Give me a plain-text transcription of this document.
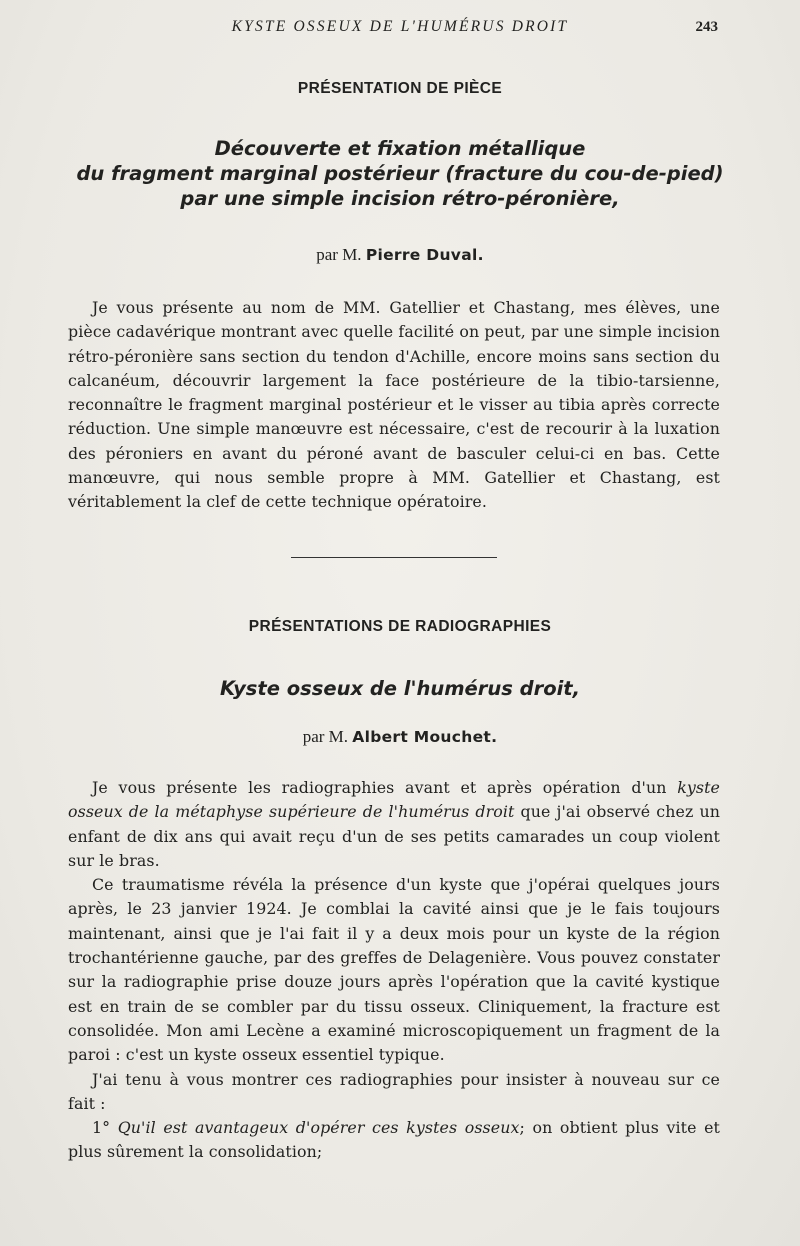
KYSTE OSSEUX DE L'HUMÉRUS DROIT	243
PRÉSENTATION DE PIÈCE
Découverte et fixation métallique
du fragment marginal postérieur (fracture du cou-de-pied)
par une simple incision rétro-péronière,
par M. Pierre Duval.

Je vous présente au nom de MM. Gatellier et Chastang, mes élèves, une pièce cadavérique montrant avec quelle facilité on peut, par une simple incision rétro-péronière sans section du tendon d'Achille, encore moins sans section du calcanéum, découvrir largement la face postérieure de la tibio-tarsienne, reconnaître le fragment marginal postérieur et le visser au tibia après correcte réduction. Une simple manœuvre est nécessaire, c'est de recourir à la luxation des péroniers en avant du péroné avant de basculer celui-ci en bas. Cette manœuvre, qui nous semble propre à MM. Gatellier et Chastang, est véritablement la clef de cette technique opératoire.

PRÉSENTATIONS DE RADIOGRAPHIES
Kyste osseux de l'humérus droit,
par M. Albert Mouchet.

Je vous présente les radiographies avant et après opération d'un kyste osseux de la métaphyse supérieure de l'humérus droit que j'ai observé chez un enfant de dix ans qui avait reçu d'un de ses petits camarades un coup violent sur le bras.

Ce traumatisme révéla la présence d'un kyste que j'opérai quelques jours après, le 23 janvier 1924. Je comblai la cavité ainsi que je le fais toujours maintenant, ainsi que je l'ai fait il y a deux mois pour un kyste de la région trochantérienne gauche, par des greffes de Delagenière. Vous pouvez constater sur la radiographie prise douze jours après l'opération que la cavité kystique est en train de se combler par du tissu osseux. Cliniquement, la fracture est consolidée. Mon ami Lecène a examiné microscopiquement un fragment de la paroi : c'est un kyste osseux essentiel typique.

J'ai tenu à vous montrer ces radiographies pour insister à nouveau sur ce fait :

1° Qu'il est avantageux d'opérer ces kystes osseux; on obtient plus vite et plus sûrement la consolidation;
